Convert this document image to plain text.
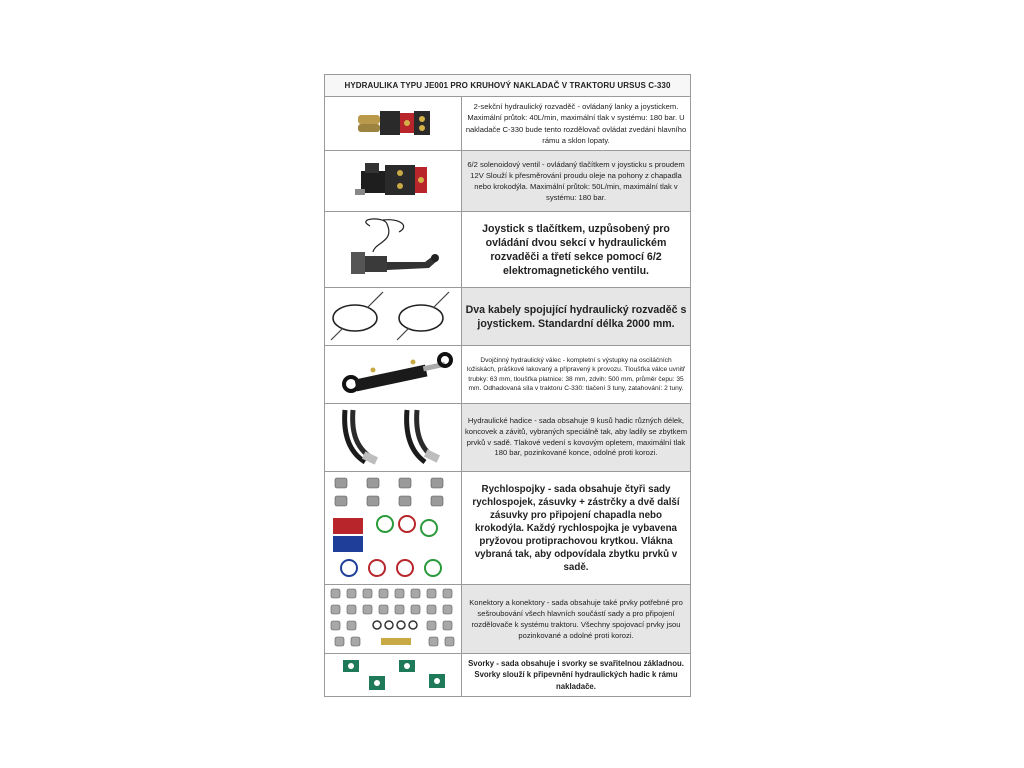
HYDRAULIKA TYPU JE001 PRO KRUHOVÝ NAKLADAČ V TRAKTORU URSUS C-330
2-sekční hydraulický rozvaděč - ovládaný lanky a joystickem. Maximální průtok: 40L/min, maximální tlak v systému: 180 bar. U nakladače C-330 bude tento rozdělovač ovládat zvedání hlavního rámu a sklon lopaty.
6/2 solenoidový ventil - ovládaný tlačítkem v joysticku s proudem 12V Slouží k přesměrování proudu oleje na pohony z chapadla nebo krokodýla. Maximální průtok: 50L/min, maximální tlak v systému: 180 bar.
Joystick s tlačítkem, uzpůsobený pro ovládání dvou sekcí v hydraulickém rozvaděči a třetí sekce pomocí 6/2 elektromagnetického ventilu.
Dva kabely spojující hydraulický rozvaděč s joystickem. Standardní délka 2000 mm.
Dvojčinný hydraulický válec - kompletní s výstupky na osciláčních ložiskách, práškově lakovaný a připravený k provozu. Tloušťka válce uvnitř trubky: 63 mm, tloušťka platnice: 38 mm, zdvih: 500 mm, průměr čepu: 35 mm. Odhadovaná síla v traktoru C-330: tlačení 3 tuny, zatahování: 2 tuny.
Hydraulické hadice - sada obsahuje 9 kusů hadic různých délek, koncovek a závitů, vybraných speciálně tak, aby ladily se zbytkem prvků v sadě. Tlakové vedení s kovovým opletem, maximální tlak 180 bar, pozinkované konce, odolné proti korozi.
Rychlospojky - sada obsahuje čtyři sady rychlospojek, zásuvky + zástrčky a dvě další zásuvky pro připojení chapadla nebo krokodýla. Každý rychlospojka je vybavena pryžovou protiprachovou krytkou. Vlákna vybraná tak, aby odpovídala zbytku prvků v sadě.
Konektory a konektory - sada obsahuje také prvky potřebné pro sešroubování všech hlavních součástí sady a pro připojení rozdělovače k systému traktoru. Všechny spojovací prvky jsou pozinkované a odolné proti korozi.
Svorky - sada obsahuje i svorky se svařitelnou základnou. Svorky slouží k připevnění hydraulických hadic k rámu nakladače.
